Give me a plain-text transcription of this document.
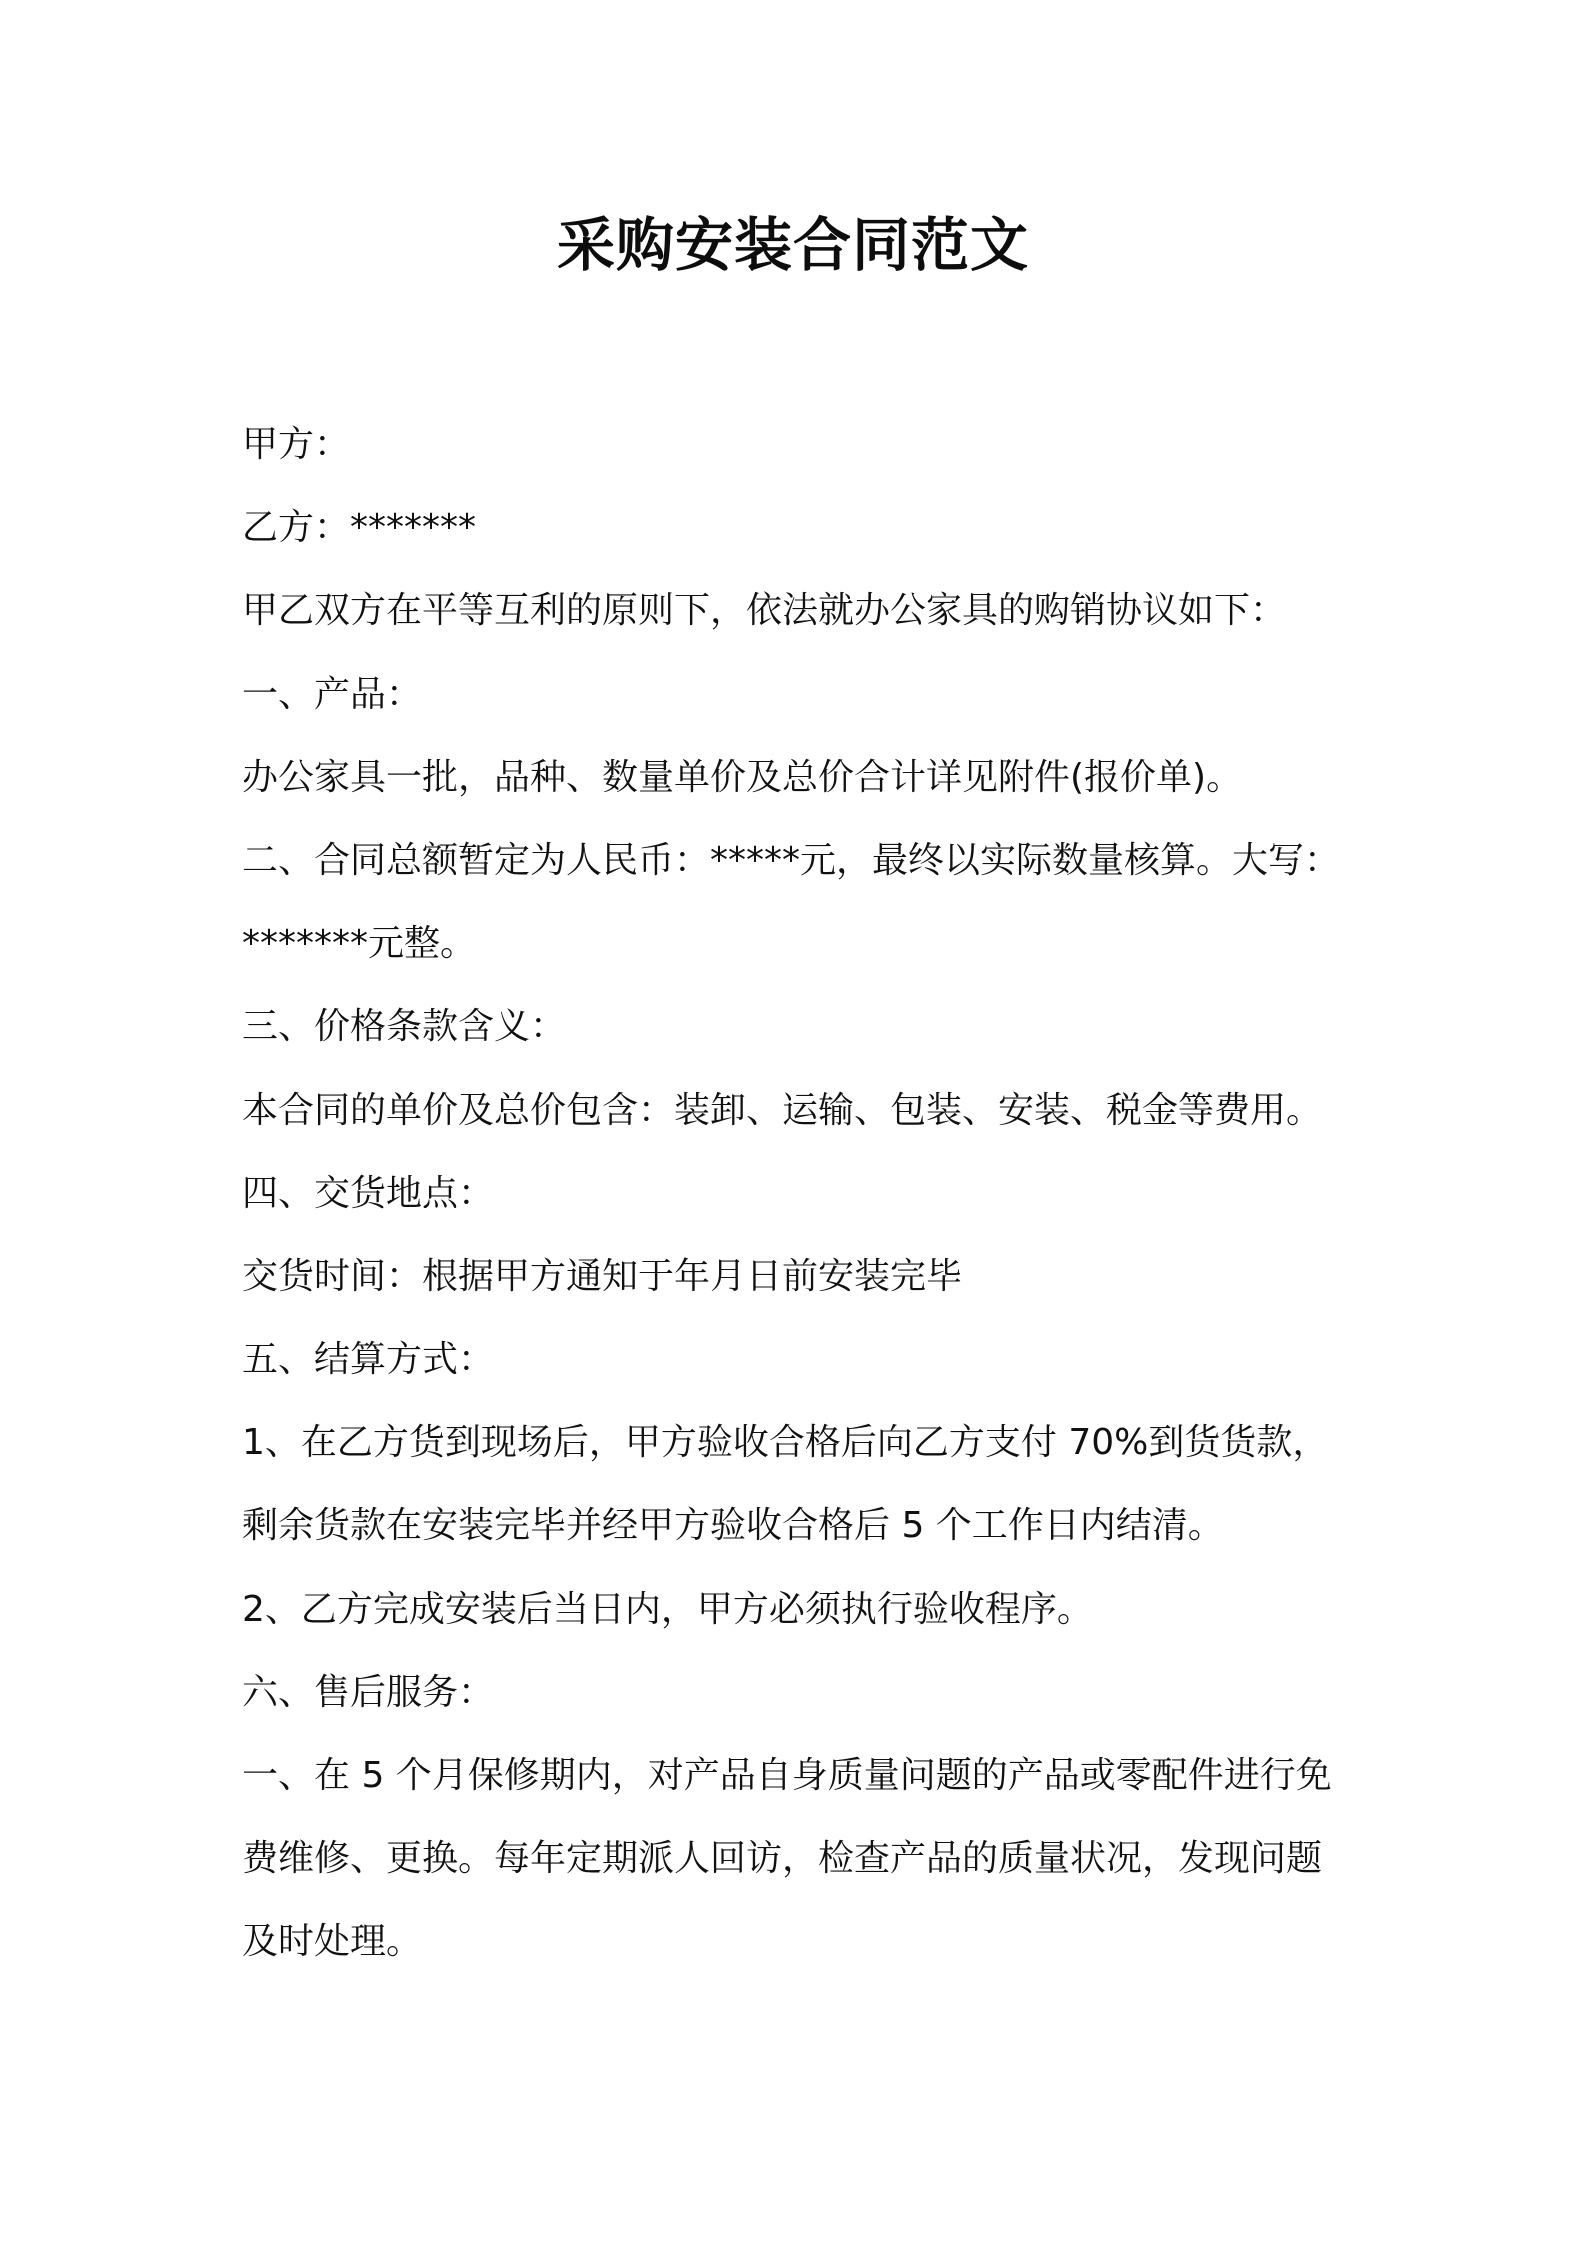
采购安装合同范文
甲方：
乙方：*******
甲乙双方在平等互利的原则下，依法就办公家具的购销协议如下：
一、产品：
办公家具一批，品种、数量单价及总价合计详见附件(报价单)。
二、合同总额暂定为人民币：*****元，最终以实际数量核算。大写：
*******元整。
三、价格条款含义：
本合同的单价及总价包含：装卸、运输、包装、安装、税金等费用。
四、交货地点：
交货时间：根据甲方通知于年月日前安装完毕
五、结算方式：
1、在乙方货到现场后，甲方验收合格后向乙方支付 70%到货货款，
剩余货款在安装完毕并经甲方验收合格后 5 个工作日内结清。
2、乙方完成安装后当日内，甲方必须执行验收程序。
六、售后服务：
一、在 5 个月保修期内，对产品自身质量问题的产品或零配件进行免
费维修、更换。每年定期派人回访，检查产品的质量状况，发现问题
及时处理。
